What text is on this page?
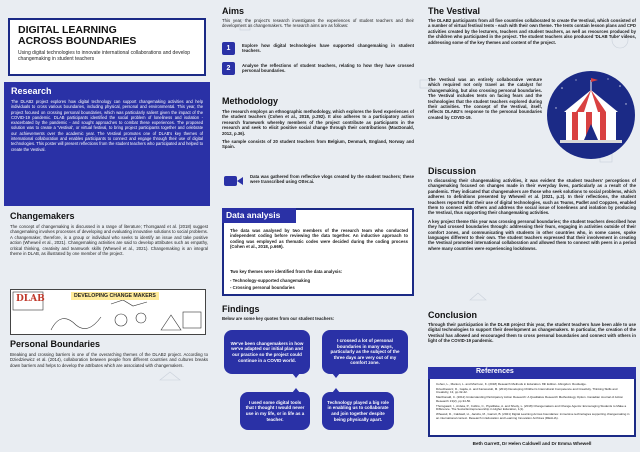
DIGITAL LEARNING
ACROSS BOUNDARIES
Using digital technologies to innovate international collaborations and develop changemaking in student teachers
Research
The DLAB2 project explores how digital technology can support changemaking activities and help individuals to cross various boundaries, including physical, personal and environmental. This year, the project focused on crossing personal boundaries, which was particularly salient given the impact of the COVID-19 pandemic. DLAB participants identified the social problem of loneliness and isolation - exacerbated by the pandemic - and sought approaches to combat these experiences. The proposed solution was to create a 'Vestival', or virtual festival, to bring project participants together and celebrate our achievements over the academic year. The Vestival promotes one of DLAB's key themes of international collaboration and enables participants to connect and engage through their use of digital technologies. This poster will present reflections from the student teachers who participated and helped to create the Vestival.
Changemakers
The concept of changemaking is discussed in a range of literature; Thorsgaard et al. (2018) suggest changemaking involves processes of developing and evaluating innovative solutions to social problems. A changemaker, therefore, is a group or individual who seeks to identify an issue and take positive action (Wheweil et al., 2021). Changemaking activities are said to develop attributes such as empathy, critical thinking, creativity and teamwork skills (Wheweil et al., 2021). Changemaking is an integral theme in DLAB, as illustrated by one member of the project.
DLAB	DEVELOPING CHANGE MAKERS
Personal Boundaries
Breaking and crossing barriers is one of the overarching themes of the DLAB2 project. According to Dziedziewicz et al. (2014), collaboration between people from different countries and cultures breaks down barriers and helps to develop the attributes which are associated with changemakers.
Aims
This year, the project's research investigates the experiences of student teachers and their development as changemakers. The research aims are as follows:
1	Explore how digital technologies have supported changemaking in student teachers.
2	Analyse the reflections of student teachers, relating to how they have crossed personal boundaries.
Methodology
The research employs an ethnographic methodology, which explores the lived experiences of the student teachers (Cohen et al., 2018, p.292). It also adheres to a participatory action research framework whereby members of the project contribute as participants in the research and seek to elicit positive social change through their contributions (MacDonald, 2012, p.36).
The sample consists of 20 student teachers from Belgium, Denmark, England, Norway and Spain.
Data was gathered from reflective vlogs created by the student teachers; these were transcribed using Otter.ai.
Data analysis
The data was analysed by two members of the research team who conducted independent coding before reviewing the data together. An inductive approach to coding was employed as thematic codes were decided during the coding process (Cohen et al., 2018, p.669).
Two key themes were identified from the data analysis:
- Technology-supported changemaking
- Crossing personal boundaries
Findings
Below are some key quotes from our student teachers:
We've been changemakers in how we've adapted our initial plan and our practice so the project could continue in a COVID world.
I crossed a lot of personal boundaries in many ways, particularly as the subject of the three days are very out of my comfort zone.
I used some digital tools that I thought I would never use in my life, or in life as a teacher.
Technology played a big role in enabling us to collaborate and join together despite being physically apart.
The Vestival
The DLAB2 participants from all five countries collaborated to create the Vestival, which consisted of a number of virtual festival tents - each with their own theme. The tents contain lesson plans and CPD activities created by the lecturers, teachers and student teachers, as well as resources produced by the children who participated in the project. The student teachers also produced 'DLAB Tube' videos, addressing some of the key themes and content of the project.
The Vestival was an entirely collaborative venture which required not only travel as the catalyst for changemaking, but also crossing personal boundaries. The Vestival includes tents on facing fears and the technologies that the student teachers explored during their activities. The concept of the Vestival, itself, reflects DLAB2's response to the personal boundaries created by COVID-19.
Discussion
In discussing their changemaking activities, it was evident the student teachers' perceptions of changemaking focused on changes made in their everyday lives, particularly as a result of the pandemic. They indicated that changemakers are those who seek solutions to social problems, which adheres to definitions presented by Wheweil et al. (2021, p.2). In their reflections, the student teachers reported that their use of digital technologies, such as Teams, Padlet and Coppzen, enabled them to connect with others and address the social issue of loneliness and isolation by producing the Vestival, thus supporting their changemaking activities.
A key project theme this year was crossing personal boundaries; the student teachers described how they had crossed boundaries through: addressing their fears, engaging in activities outside of their comfort zones, and communicating with students in other countries who, in some cases, spoke languages different to their own. The student teachers expressed that their involvement in creating the Vestival promoted international collaboration and allowed them to connect with peers in a period where many countries were experiencing lockdowns.
Conclusion
Through their participation in the DLAB project this year, the student teachers have been able to use digital technologies to support their development as changemakers. In particular, the creation of the Vestival has allowed and encouraged them to cross personal boundaries and connect with others in light of the COVID-19 pandemic.
References
Cohen, L., Manion, L. and Morrison, K. (2018) Research Methods in Education. 8th Edition. Abingdon: Routledge.
Dziedziewicz, D., Gajda, A. and Karwowski, M. (2014) Developing Children's Intercultural Competence and Creativity. Thinking Skills and Creativity, 13, pp.32-42.
MacDonald, C. (2012) Understanding Participatory Action Research: A Qualitative Research Methodology Option. Canadian Journal of Action Research 13(2), pp.34-50.
Thorsgaard, I., Ardeta, P., Collins, C., Piyatilleke, A. and Shetty, L. (2018) Changemakers and Change Agents: Encouraging Students to Make a Difference. The Social Entrepreneurship in Higher Education, 1(1).
Wheweil, D., Caldwell, H., Jacobs, M., Garrett, B. (2021) Digital Learning Across boundaries: immersive technologies supporting changemaking in an international context. Research in Education and Learning Innovation Archives (REALIA).
Beth Garrett, Dr Helen Caldwell and Dr Emma Whewell
